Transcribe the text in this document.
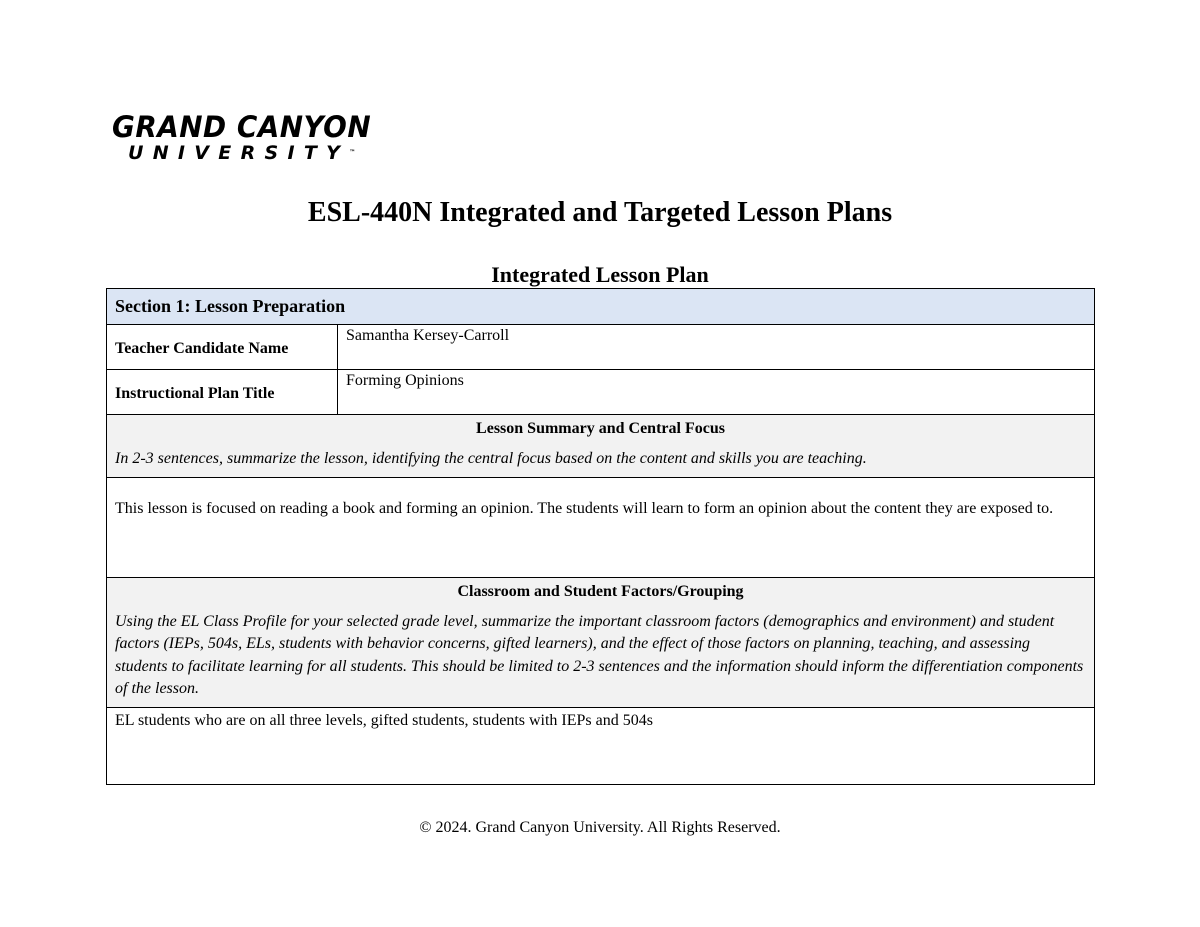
GRAND CANYON
UNIVERSITY™
ESL-440N Integrated and Targeted Lesson Plans
Integrated Lesson Plan
Section 1: Lesson Preparation	
Teacher Candidate Name	Samantha Kersey-Carroll
Instructional Plan Title	Forming Opinions

Lesson Summary and Central Focus
In 2-3 sentences, summarize the lesson, identifying the central focus based on the content and skills you are teaching.	

This lesson is focused on reading a book and forming an opinion. The students will learn to form an opinion about the content they are exposed to.	

Classroom and Student Factors/Grouping
Using the EL Class Profile for your selected grade level, summarize the important classroom factors (demographics and environment) and student factors (IEPs, 504s, ELs, students with behavior concerns, gifted learners), and the effect of those factors on planning, teaching, and assessing students to facilitate learning for all students. This should be limited to 2-3 sentences and the information should inform the differentiation components of the lesson.	

EL students who are on all three levels, gifted students, students with IEPs and 504s	
© 2024. Grand Canyon University. All Rights Reserved.
